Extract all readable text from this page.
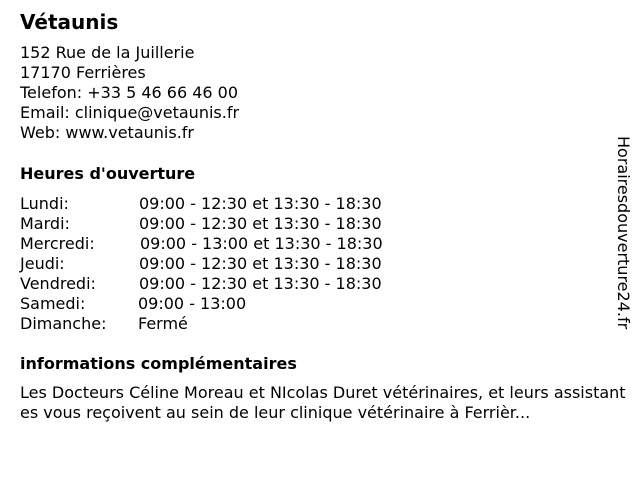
Vétaunis
152 Rue de la Juillerie
17170 Ferrières
Telefon: +33 5 46 66 46 00
Email: clinique@vetaunis.fr
Web: www.vetaunis.fr
Heures d'ouverture
Lundi:	09:00 - 12:30 et 13:30 - 18:30
Mardi:	09:00 - 12:30 et 13:30 - 18:30
Mercredi:	09:00 - 13:00 et 13:30 - 18:30
Jeudi:	09:00 - 12:30 et 13:30 - 18:30
Vendredi:	09:00 - 12:30 et 13:30 - 18:30
Samedi:	09:00 - 13:00
Dimanche: Fermé
informations complémentaires
Les Docteurs Céline Moreau et NIcolas Duret vétérinaires, et leurs assistantes vous reçoivent au sein de leur clinique vétérinaire à Ferrièr...
Horairesdouverture24.fr
